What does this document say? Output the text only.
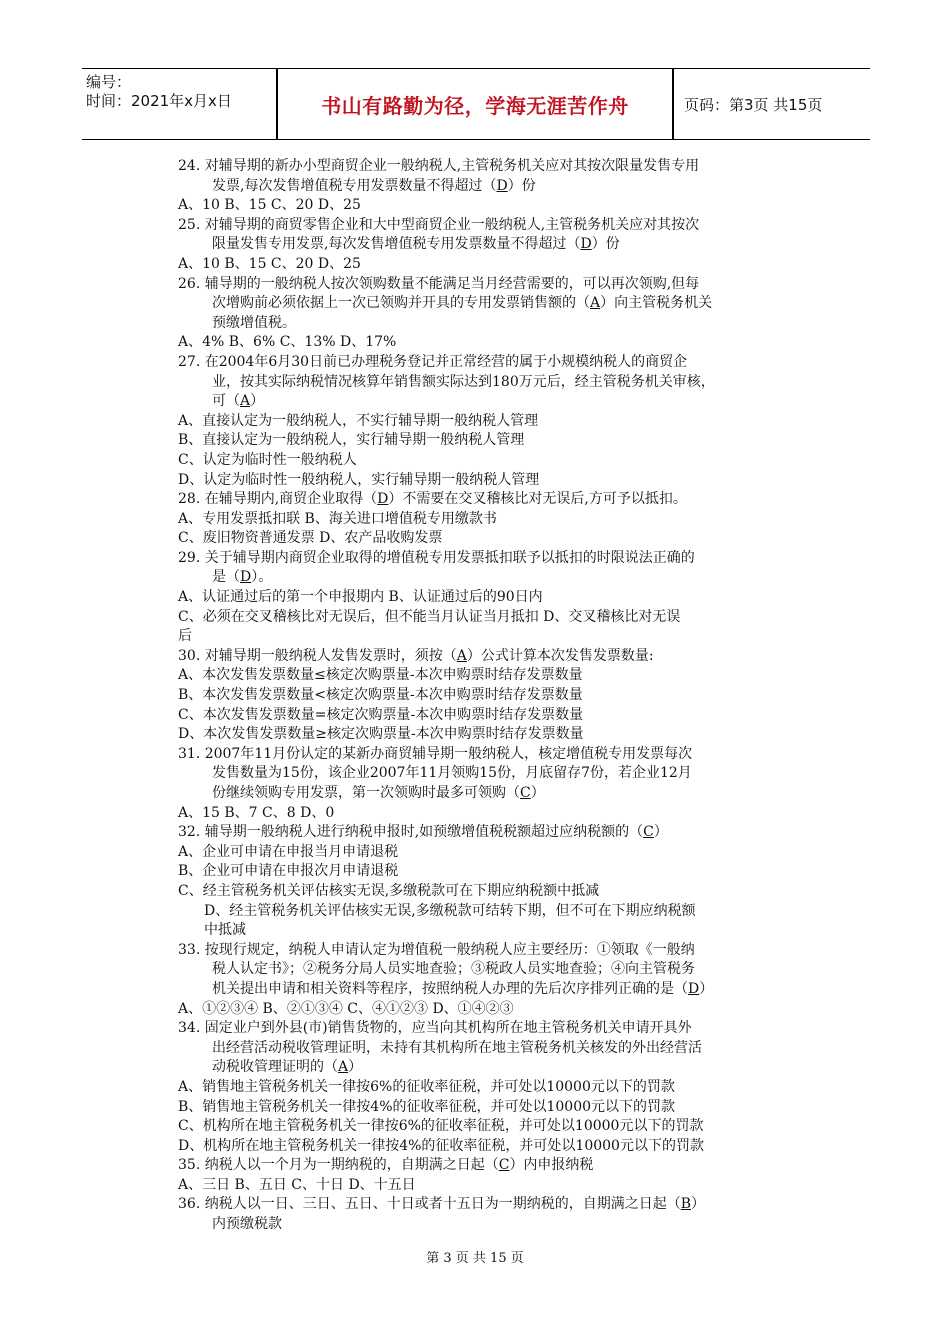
编号：
时间：2021年x月x日	书山有路勤为径，学海无涯苦作舟	页码：第3页 共15页
24. 对辅导期的新办小型商贸企业一般纳税人,主管税务机关应对其按次限量发售专用
发票,每次发售增值税专用发票数量不得超过（D）份
A、10 B、15 C、20 D、25
25. 对辅导期的商贸零售企业和大中型商贸企业一般纳税人,主管税务机关应对其按次
限量发售专用发票,每次发售增值税专用发票数量不得超过（D）份
A、10 B、15 C、20 D、25
26. 辅导期的一般纳税人按次领购数量不能满足当月经营需要的，可以再次领购,但每
次增购前必须依据上一次已领购并开具的专用发票销售额的（A）向主管税务机关
预缴增值税。
A、4% B、6% C、13% D、17%
27. 在2004年6月30日前已办理税务登记并正常经营的属于小规模纳税人的商贸企
业，按其实际纳税情况核算年销售额实际达到180万元后，经主管税务机关审核，
可（A）
A、直接认定为一般纳税人，不实行辅导期一般纳税人管理
B、直接认定为一般纳税人，实行辅导期一般纳税人管理
C、认定为临时性一般纳税人
D、认定为临时性一般纳税人，实行辅导期一般纳税人管理
28. 在辅导期内,商贸企业取得（D）不需要在交叉稽核比对无误后,方可予以抵扣。
A、专用发票抵扣联 B、海关进口增值税专用缴款书
C、废旧物资普通发票 D、农产品收购发票
29. 关于辅导期内商贸企业取得的增值税专用发票抵扣联予以抵扣的时限说法正确的
是（D）。
A、认证通过后的第一个申报期内 B、认证通过后的90日内
C、必须在交叉稽核比对无误后，但不能当月认证当月抵扣 D、交叉稽核比对无误
后
30. 对辅导期一般纳税人发售发票时，须按（A）公式计算本次发售发票数量:
A、本次发售发票数量≤核定次购票量-本次申购票时结存发票数量
B、本次发售发票数量<核定次购票量-本次申购票时结存发票数量
C、本次发售发票数量=核定次购票量-本次申购票时结存发票数量
D、本次发售发票数量≥核定次购票量-本次申购票时结存发票数量
31. 2007年11月份认定的某新办商贸辅导期一般纳税人，核定增值税专用发票每次
发售数量为15份，该企业2007年11月领购15份，月底留存7份，若企业12月
份继续领购专用发票，第一次领购时最多可领购（C）
A、15 B、7 C、8 D、0
32. 辅导期一般纳税人进行纳税申报时,如预缴增值税税额超过应纳税额的（C）
A、企业可申请在申报当月申请退税
B、企业可申请在申报次月申请退税
C、经主管税务机关评估核实无误,多缴税款可在下期应纳税额中抵减
D、经主管税务机关评估核实无误,多缴税款可结转下期，但不可在下期应纳税额
中抵减
33. 按现行规定，纳税人申请认定为增值税一般纳税人应主要经历：①领取《一般纳
税人认定书》；②税务分局人员实地查验；③税政人员实地查验；④向主管税务
机关提出申请和相关资料等程序，按照纳税人办理的先后次序排列正确的是（D）
A、①②③④ B、②①③④ C、④①②③ D、①④②③
34. 固定业户到外县(市)销售货物的，应当向其机构所在地主管税务机关申请开具外
出经营活动税收管理证明，未持有其机构所在地主管税务机关核发的外出经营活
动税收管理证明的（A）
A、销售地主管税务机关一律按6%的征收率征税，并可处以10000元以下的罚款
B、销售地主管税务机关一律按4%的征收率征税，并可处以10000元以下的罚款
C、机构所在地主管税务机关一律按6%的征收率征税，并可处以10000元以下的罚款
D、机构所在地主管税务机关一律按4%的征收率征税，并可处以10000元以下的罚款
35. 纳税人以一个月为一期纳税的，自期满之日起（C）内申报纳税
A、三日 B、五日 C、十日 D、十五日
36. 纳税人以一日、三日、五日、十日或者十五日为一期纳税的，自期满之日起（B）
内预缴税款
第 3 页 共 15 页
